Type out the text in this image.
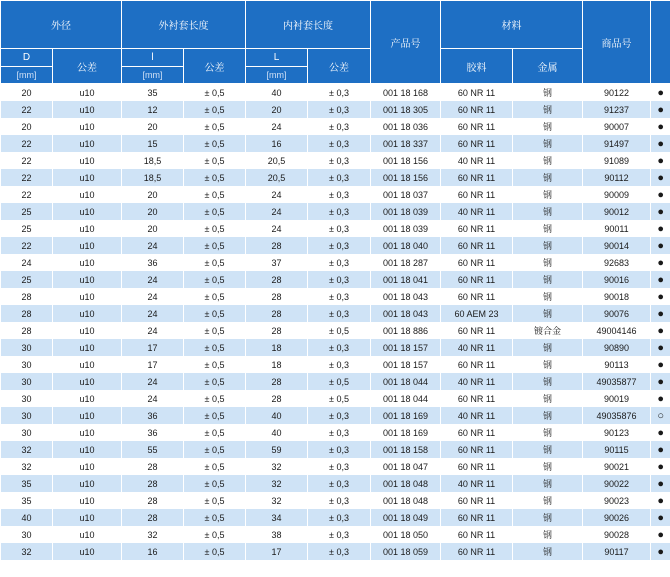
外径		外衬套长度		内衬套长度		产品号	材料		商品号	
D	公差	l	公差	L	公差		胶料	金属		
[mm]		[mm]		[mm]						
20	u10	35	± 0,5	40	± 0,3	001 18 168	60 NR 11	钢	90122	●
22	u10	12	± 0,5	20	± 0,3	001 18 305	60 NR 11	钢	91237	●
20	u10	20	± 0,5	24	± 0,3	001 18 036	60 NR 11	钢	90007	●
22	u10	15	± 0,5	16	± 0,3	001 18 337	60 NR 11	钢	91497	●
22	u10	18,5	± 0,5	20,5	± 0,3	001 18 156	40 NR 11	钢	91089	●
22	u10	18,5	± 0,5	20,5	± 0,3	001 18 156	60 NR 11	钢	90112	●
22	u10	20	± 0,5	24	± 0,3	001 18 037	60 NR 11	钢	90009	●
25	u10	20	± 0,5	24	± 0,3	001 18 039	40 NR 11	钢	90012	●
25	u10	20	± 0,5	24	± 0,3	001 18 039	60 NR 11	钢	90011	●
22	u10	24	± 0,5	28	± 0,3	001 18 040	60 NR 11	钢	90014	●
24	u10	36	± 0,5	37	± 0,3	001 18 287	60 NR 11	钢	92683	●
25	u10	24	± 0,5	28	± 0,3	001 18 041	60 NR 11	钢	90016	●
28	u10	24	± 0,5	28	± 0,3	001 18 043	60 NR 11	钢	90018	●
28	u10	24	± 0,5	28	± 0,3	001 18 043	60 AEM 23	钢	90076	●
28	u10	24	± 0,5	28	± 0,5	001 18 886	60 NR 11	镀合金	49004146	●
30	u10	17	± 0,5	18	± 0,3	001 18 157	40 NR 11	钢	90890	●
30	u10	17	± 0,5	18	± 0,3	001 18 157	60 NR 11	钢	90113	●
30	u10	24	± 0,5	28	± 0,5	001 18 044	40 NR 11	钢	49035877	●
30	u10	24	± 0,5	28	± 0,5	001 18 044	60 NR 11	钢	90019	●
30	u10	36	± 0,5	40	± 0,3	001 18 169	40 NR 11	钢	49035876	○
30	u10	36	± 0,5	40	± 0,3	001 18 169	60 NR 11	钢	90123	●
32	u10	55	± 0,5	59	± 0,3	001 18 158	60 NR 11	钢	90115	●
32	u10	28	± 0,5	32	± 0,3	001 18 047	60 NR 11	钢	90021	●
35	u10	28	± 0,5	32	± 0,3	001 18 048	40 NR 11	钢	90022	●
35	u10	28	± 0,5	32	± 0,3	001 18 048	60 NR 11	钢	90023	●
40	u10	28	± 0,5	34	± 0,3	001 18 049	60 NR 11	钢	90026	●
30	u10	32	± 0,5	38	± 0,3	001 18 050	60 NR 11	钢	90028	●
32	u10	16	± 0,5	17	± 0,3	001 18 059	60 NR 11	钢	90117	●
